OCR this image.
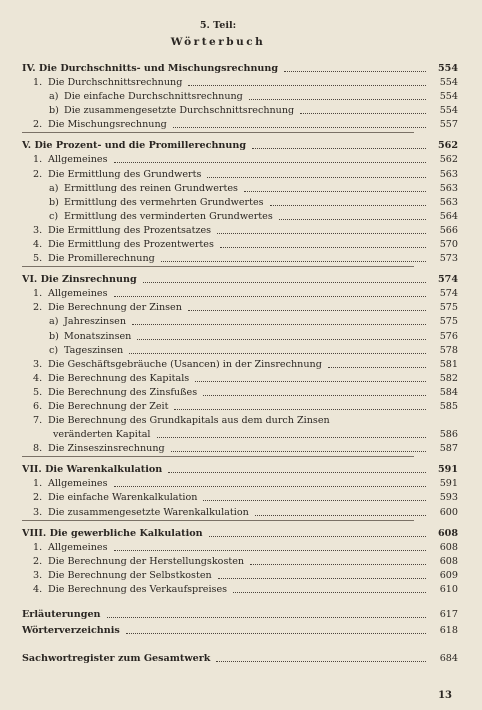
IV. Die Durchschnitts- und Mischungsrechnung	554
1. Die Durchschnittsrechnung	554
a) Die einfache Durchschnittsrechnung	554
b) Die zusammengesetzte Durchschnittsrechnung	554
2. Die Mischungsrechnung	557
V. Die Prozent- und die Promillerechnung	562
1. Allgemeines	562
2. Die Ermittlung des Grundwerts	563
a) Ermittlung des reinen Grundwertes	563
b) Ermittlung des vermehrten Grundwertes	563
c) Ermittlung des verminderten Grundwertes	564
3. Die Ermittlung des Prozentsatzes	566
4. Die Ermittlung des Prozentwertes	570
5. Die Promillerechnung	573
VI. Die Zinsrechnung	574
1. Allgemeines	574
2. Die Berechnung der Zinsen	575
a) Jahreszinsen	575
b) Monatszinsen	576
c) Tageszinsen	578
3. Die Geschäftsgebräuche (Usancen) in der Zinsrechnung	581
4. Die Berechnung des Kapitals	582
5. Die Berechnung des Zinsfußes	584
6. Die Berechnung der Zeit	585
7. Die Berechnung des Grundkapitals aus dem durch Zinsen
veränderten Kapital	586
8. Die Zinseszinsrechnung	587
VII. Die Warenkalkulation	591
1. Allgemeines	591
2. Die einfache Warenkalkulation	593
3. Die zusammengesetzte Warenkalkulation	600
VIII. Die gewerbliche Kalkulation	608
1. Allgemeines	608
2. Die Berechnung der Herstellungskosten	608
3. Die Berechnung der Selbstkosten	609
4. Die Berechnung des Verkaufspreises	610
5. Teil:
Wörterbuch
Erläuterungen	617
Wörterverzeichnis	618
Sachwortregister zum Gesamtwerk	684
13
